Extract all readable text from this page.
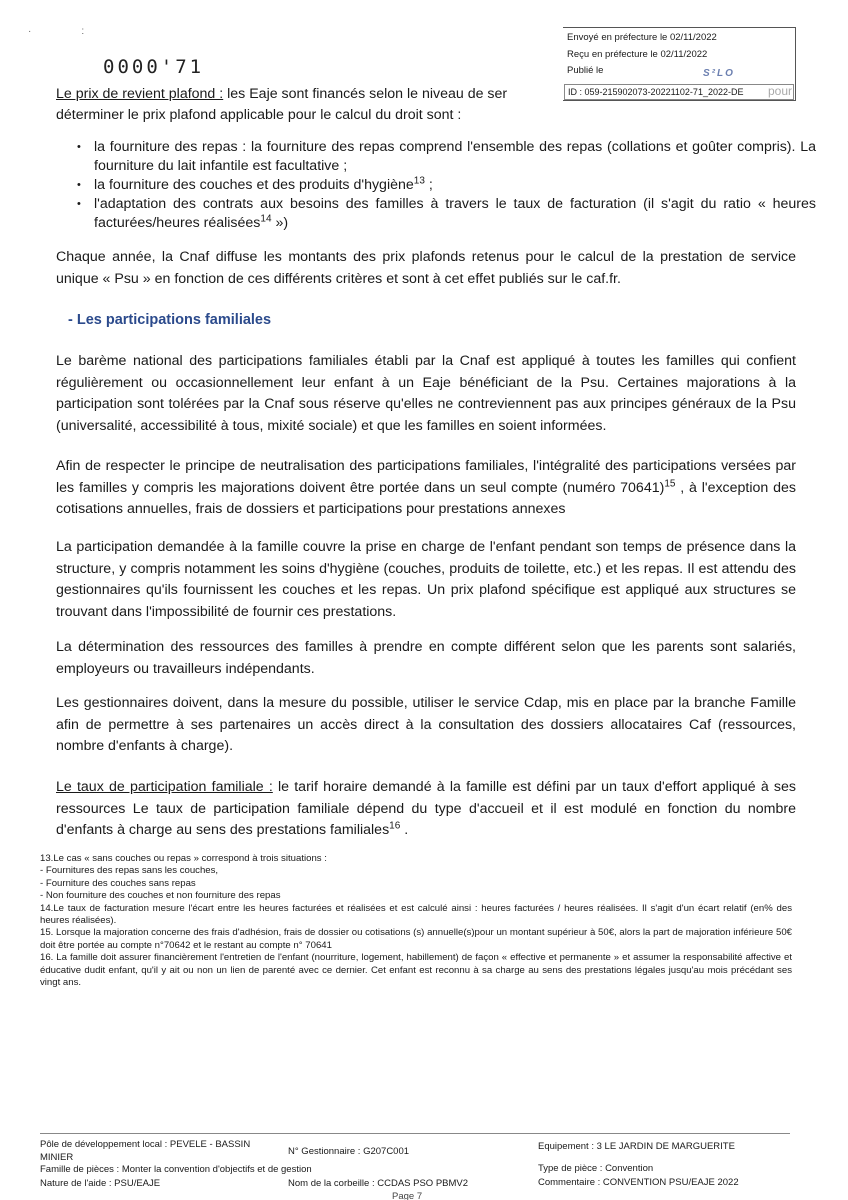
·                  :
0000'71
Envoyé en préfecture le 02/11/2022
Reçu en préfecture le 02/11/2022
Publié le	S²LO
ID : 059-215902073-20221102-71_2022-DE	pour
Le prix de revient plafond : les Eaje sont financés selon le niveau de ser
déterminer le prix plafond applicable pour le calcul du droit sont :
• la fourniture des repas : la fourniture des repas comprend l'ensemble des repas (collations et goûter compris). La fourniture du lait infantile est facultative ;
• la fourniture des couches et des produits d'hygiène$^{13}$ ;
• l'adaptation des contrats aux besoins des familles à travers le taux de facturation (il s'agit du ratio « heures facturées/heures réalisées$^{14}$ »)
Chaque année, la Cnaf diffuse les montants des prix plafonds retenus pour le calcul de la prestation de service unique « Psu » en fonction de ces différents critères et sont à cet effet publiés sur le caf.fr.
- Les participations familiales
Le barème national des participations familiales établi par la Cnaf est appliqué à toutes les familles qui confient régulièrement ou occasionnellement leur enfant à un Eaje bénéficiant de la Psu. Certaines majorations à la participation sont tolérées par la Cnaf sous réserve qu'elles ne contreviennent pas aux principes généraux de la Psu (universalité, accessibilité à tous, mixité sociale) et que les familles en soient informées.
Afin de respecter le principe de neutralisation des participations familiales, l'intégralité des participations versées par les familles y compris les majorations doivent être portée dans un seul compte (numéro 70641)$^{15}$ , à l'exception des cotisations annuelles, frais de dossiers et participations pour prestations annexes
La participation demandée à la famille couvre la prise en charge de l'enfant pendant son temps de présence dans la structure, y compris notamment les soins d'hygiène (couches, produits de toilette, etc.) et les repas. Il est attendu des gestionnaires qu'ils fournissent les couches et les repas. Un prix plafond spécifique est appliqué aux structures se trouvant dans l'impossibilité de fournir ces prestations.
La détermination des ressources des familles à prendre en compte différent selon que les parents sont salariés, employeurs ou travailleurs indépendants.
Les gestionnaires doivent, dans la mesure du possible, utiliser le service Cdap, mis en place par la branche Famille afin de permettre à ses partenaires un accès direct à la consultation des dossiers allocataires Caf (ressources, nombre d'enfants à charge).
Le taux de participation familiale : le tarif horaire demandé à la famille est défini par un taux d'effort appliqué à ses ressources Le taux de participation familiale dépend du type d'accueil et il est modulé en fonction du nombre d'enfants à charge au sens des prestations familiales$^{16}$ .
13.Le cas « sans couches ou repas » correspond à trois situations :
- Fournitures des repas sans les couches,
- Fourniture des couches sans repas
- Non fourniture des couches et non fourniture des repas
14.Le taux de facturation mesure l'écart entre les heures facturées et réalisées et est calculé ainsi : heures facturées / heures réalisées. Il s'agit d'un écart relatif (en% des heures réalisées).
15. Lorsque la majoration concerne des frais d'adhésion, frais de dossier ou cotisations (s) annuelle(s)pour un montant supérieur à 50€, alors la part de majoration inférieure 50€ doit être portée au compte n°70642 et le restant au compte n° 70641
16. La famille doit assurer financièrement l'entretien de l'enfant (nourriture, logement, habillement) de façon « effective et permanente » et assumer la responsabilité affective et éducative dudit enfant, qu'il y ait ou non un lien de parenté avec ce dernier. Cet enfant est reconnu à sa charge au sens des prestations légales jusqu'au mois précédant ses vingt ans.
Pôle de développement local : PEVELE - BASSIN MINIER
N° Gestionnaire : G207C001	Equipement : 3 LE JARDIN DE MARGUERITE
Famille de pièces : Monter la convention d'objectifs et de gestion	Type de pièce : Convention
Nature de l'aide : PSU/EAJE	Nom de la corbeille : CCDAS PSO PBMV2	Commentaire : CONVENTION PSU/EAJE 2022
Page 7
